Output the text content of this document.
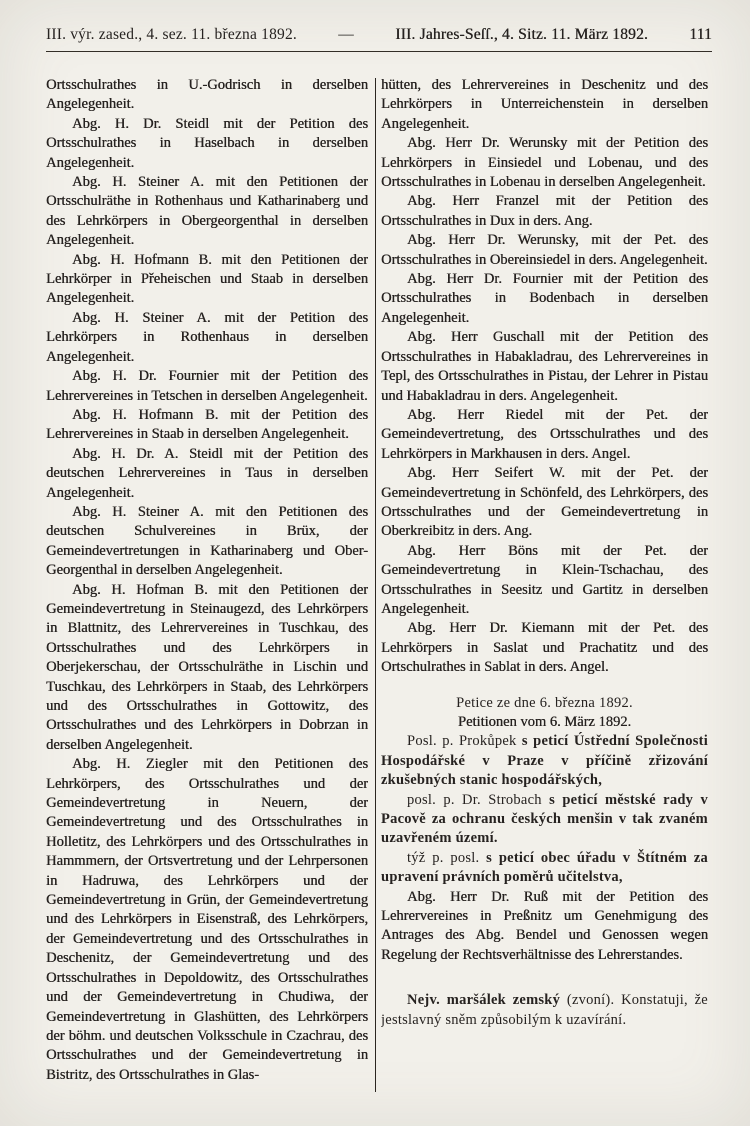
III. výr. zased., 4. sez. 11. března 1892.	—	III. Jahres-Seſſ., 4. Sitz. 11. März 1892.	111

Ortsschulrathes in U.-Godrisch in derselben Angelegenheit.

Abg. H. Dr. Steidl mit der Petition des Ortsschulrathes in Haselbach in derselben Angelegenheit.

Abg. H. Steiner A. mit den Petitionen der Ortsschulräthe in Rothenhaus und Katharinaberg und des Lehrkörpers in Obergeorgenthal in derselben Angelegenheit.

Abg. H. Hofmann B. mit den Petitionen der Lehrkörper in Přeheischen und Staab in derselben Angelegenheit.

Abg. H. Steiner A. mit der Petition des Lehrkörpers in Rothenhaus in derselben Angelegenheit.

Abg. H. Dr. Fournier mit der Petition des Lehrervereines in Tetschen in derselben Angelegenheit.

Abg. H. Hofmann B. mit der Petition des Lehrervereines in Staab in derselben Angelegenheit.

Abg. H. Dr. A. Steidl mit der Petition des deutschen Lehrervereines in Taus in derselben Angelegenheit.

Abg. H. Steiner A. mit den Petitionen des deutschen Schulvereines in Brüx, der Gemeindevertretungen in Katharinaberg und Ober-Georgenthal in derselben Angelegenheit.

Abg. H. Hofman B. mit den Petitionen der Gemeindevertretung in Steinaugezd, des Lehrkörpers in Blattnitz, des Lehrervereines in Tuschkau, des Ortsschulrathes und des Lehrkörpers in Oberjekerschau, der Ortsschulräthe in Lischin und Tuschkau, des Lehrkörpers in Staab, des Lehrkörpers und des Ortsschulrathes in Gottowitz, des Ortsschulrathes und des Lehrkörpers in Dobrzan in derselben Angelegenheit.

Abg. H. Ziegler mit den Petitionen des Lehrkörpers, des Ortsschulrathes und der Gemeindevertretung in Neuern, der Gemeindevertretung und des Ortsschulrathes in Holletitz, des Lehrkörpers und des Ortsschulrathes in Hammmern, der Ortsvertretung und der Lehrpersonen in Hadruwa, des Lehrkörpers und der Gemeindevertretung in Grün, der Gemeindevertretung und des Lehrkörpers in Eisenstraß, des Lehrkörpers, der Gemeindevertretung und des Ortsschulrathes in Deschenitz, der Gemeindevertretung und des Ortsschulrathes in Depoldowitz, des Ortsschulrathes und der Gemeindevertretung in Chudiwa, der Gemeindevertretung in Glashütten, des Lehrkörpers der böhm. und deutschen Volksschule in Czachrau, des Ortsschulrathes und der Gemeindevertretung in Bistritz, des Ortsschulrathes in Glas-

hütten, des Lehrervereines in Deschenitz und des Lehrkörpers in Unterreichenstein in derselben Angelegenheit.

Abg. Herr Dr. Werunsky mit der Petition des Lehrkörpers in Einsiedel und Lobenau, und des Ortsschulrathes in Lobenau in derselben Angelegenheit.

Abg. Herr Franzel mit der Petition des Ortsschulrathes in Dux in ders. Ang.

Abg. Herr Dr. Werunsky, mit der Pet. des Ortsschulrathes in Obereinsiedel in ders. Angelegenheit.

Abg. Herr Dr. Fournier mit der Petition des Ortsschulrathes in Bodenbach in derselben Angelegenheit.

Abg. Herr Guschall mit der Petition des Ortsschulrathes in Habakladrau, des Lehrervereines in Tepl, des Ortsschulrathes in Pistau, der Lehrer in Pistau und Habakladrau in ders. Angelegenheit.

Abg. Herr Riedel mit der Pet. der Gemeindevertretung, des Ortsschulrathes und des Lehrkörpers in Markhausen in ders. Angel.

Abg. Herr Seifert W. mit der Pet. der Gemeindevertretung in Schönfeld, des Lehrkörpers, des Ortsschulrathes und der Gemeindevertretung in Oberkreibitz in ders. Ang.

Abg. Herr Böns mit der Pet. der Gemeindevertretung in Klein-Tschachau, des Ortsschulrathes in Seesitz und Gartitz in derselben Angelegenheit.

Abg. Herr Dr. Kiemann mit der Pet. des Lehrkörpers in Saslat und Prachatitz und des Ortschulrathes in Sablat in ders. Angel.

Petice ze dne 6. března 1892.

Petitionen vom 6. März 1892.

Posl. p. Prokůpek s peticí Ústřední Společnosti Hospodářské v Praze v příčině zřizování zkušebných stanic hospodářských,

posl. p. Dr. Strobach s peticí městské rady v Pacově za ochranu českých menšin v tak zvaném uzavřeném území.

týž p. posl. s peticí obec úřadu v Štítném za upravení právních poměrů učitelstva,

Abg. Herr Dr. Ruß mit der Petition des Lehrervereines in Preßnitz um Genehmigung des Antrages des Abg. Bendel und Genossen wegen Regelung der Rechtsverhältnisse des Lehrerstandes.

Nejv. maršálek zemský (zvoní). Konstatuji, že jestslavný sněm způsobilým k uzavírání.
